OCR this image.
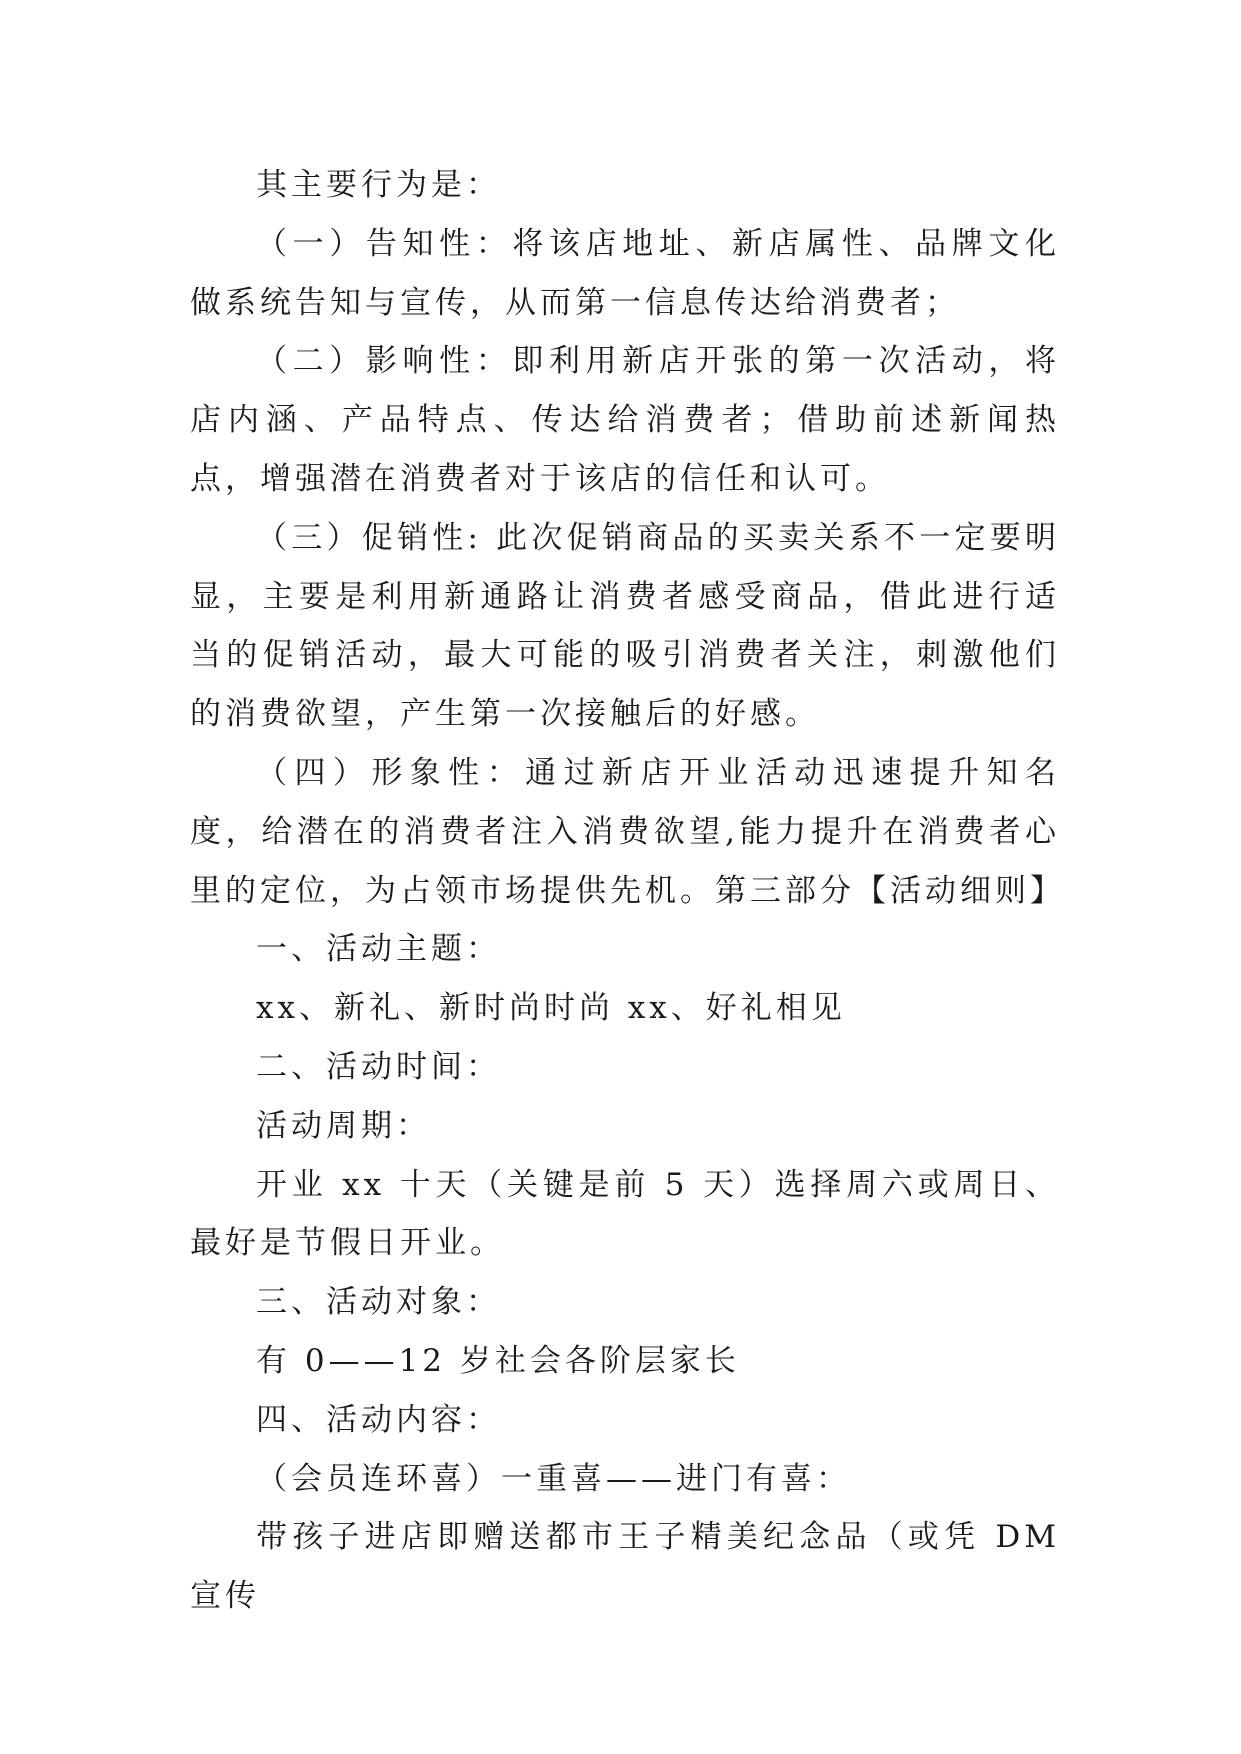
其主要行为是：

（一）告知性：将该店地址、新店属性、品牌文化做系统告知与宣传，从而第一信息传达给消费者；

（二）影响性：即利用新店开张的第一次活动，将店内涵、产品特点、传达给消费者；借助前述新闻热点，增强潜在消费者对于该店的信任和认可。

（三）促销性: 此次促销商品的买卖关系不一定要明显，主要是利用新通路让消费者感受商品，借此进行适当的促销活动，最大可能的吸引消费者关注，刺激他们的消费欲望，产生第一次接触后的好感。

（四）形象性：通过新店开业活动迅速提升知名度，给潜在的消费者注入消费欲望,能力提升在消费者心里的定位，为占领市场提供先机。第三部分【活动细则】

一、活动主题：

xx、新礼、新时尚时尚 xx、好礼相见

二、活动时间：

活动周期：

开业 xx 十天（关键是前 5 天）选择周六或周日、最好是节假日开业。

三、活动对象：

有 0——12 岁社会各阶层家长

四、活动内容：

（会员连环喜）一重喜——进门有喜：

带孩子进店即赠送都市王子精美纪念品（或凭 DM 宣传
